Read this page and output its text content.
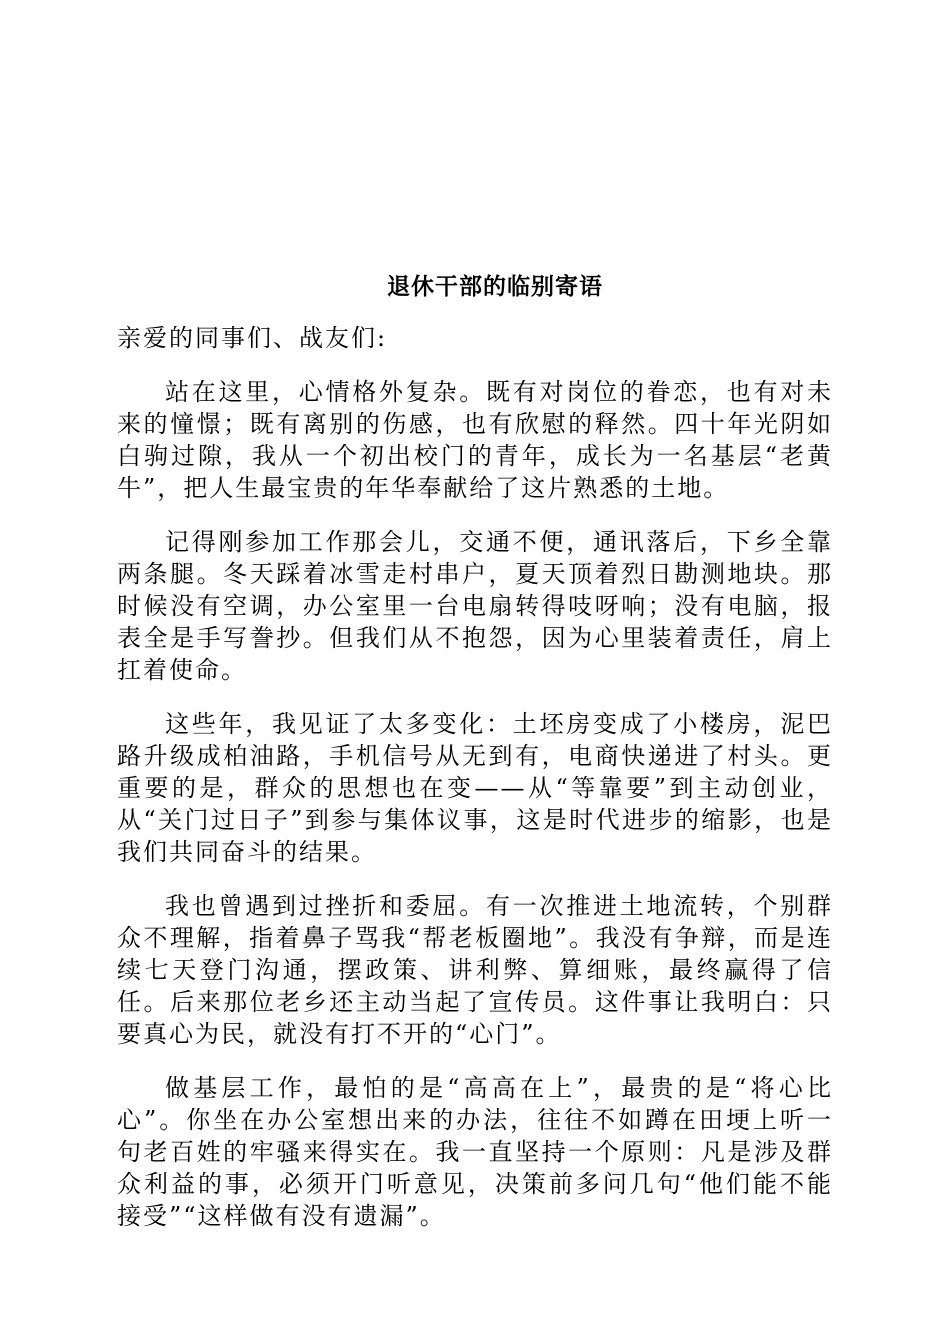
退休干部的临别寄语

亲爱的同事们、战友们:

站在这里，心情格外复杂。既有对岗位的眷恋，也有对未来的憧憬；既有离别的伤感，也有欣慰的释然。四十年光阴如白驹过隙，我从一个初出校门的青年，成长为一名基层“老黄牛”，把人生最宝贵的年华奉献给了这片熟悉的土地。

记得刚参加工作那会儿，交通不便，通讯落后，下乡全靠两条腿。冬天踩着冰雪走村串户，夏天顶着烈日勘测地块。那时候没有空调，办公室里一台电扇转得吱呀响；没有电脑，报表全是手写誊抄。但我们从不抱怨，因为心里装着责任，肩上扛着使命。

这些年，我见证了太多变化：土坯房变成了小楼房，泥巴路升级成柏油路，手机信号从无到有，电商快递进了村头。更重要的是，群众的思想也在变——从“等靠要”到主动创业，从“关门过日子”到参与集体议事，这是时代进步的缩影，也是我们共同奋斗的结果。

我也曾遇到过挫折和委屈。有一次推进土地流转，个别群众不理解，指着鼻子骂我“帮老板圈地”。我没有争辩，而是连续七天登门沟通，摆政策、讲利弊、算细账，最终赢得了信任。后来那位老乡还主动当起了宣传员。这件事让我明白：只要真心为民，就没有打不开的“心门”。

做基层工作，最怕的是“高高在上”，最贵的是“将心比心”。你坐在办公室想出来的办法，往往不如蹲在田埂上听一句老百姓的牢骚来得实在。我一直坚持一个原则：凡是涉及群众利益的事，必须开门听意见，决策前多问几句“他们能不能接受”“这样做有没有遗漏”。
